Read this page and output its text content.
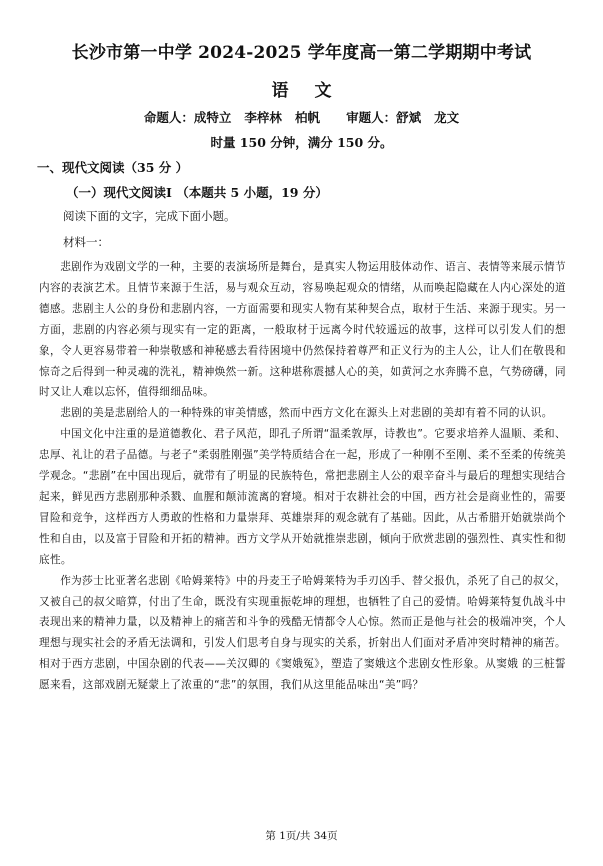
长沙市第一中学 2024-2025 学年度高一第二学期期中考试
语 文
命题人：成特立   李梓林   柏帆      审题人：舒斌   龙文
时量 150 分钟，满分 150 分。
一、现代文阅读（35 分 ）
（一）现代文阅读Ⅰ （本题共 5 小题，19 分）
阅读下面的文字，完成下面小题。
材料一：

悲剧作为戏剧文学的一种，主要的表演场所是舞台，是真实人物运用肢体动作、语言、表情等来展示情节内容的表演艺术。且情节来源于生活，易与观众互动，容易唤起观众的情绪，从而唤起隐藏在人内心深处的道德感。悲剧主人公的身份和悲剧内容，一方面需要和现实人物有某种契合点，取材于生活、来源于现实。另一方面，悲剧的内容必须与现实有一定的距离，一般取材于远离今时代较遥远的故事，这样可以引发人们的想象，令人更容易带着一种崇敬感和神秘感去看待困境中仍然保持着尊严和正义行为的主人公，让人们在敬畏和惊奇之后得到一种灵魂的洗礼，精神焕然一新。这种堪称震撼人心的美，如黄河之水奔腾不息，气势磅礴，同时又让人难以忘怀，值得细细品味。

悲剧的美是悲剧给人的一种特殊的审美情感，然而中西方文化在源头上对悲剧的美却有着不同的认识。

中国文化中注重的是道德教化、君子风范，即孔子所谓“温柔敦厚，诗教也”。它要求培养人温顺、柔和、忠厚、礼让的君子品德。与老子“柔弱胜刚强”美学特质结合在一起，形成了一种刚不至刚、柔不至柔的传统美学观念。“悲剧”在中国出现后，就带有了明显的民族特色，常把悲剧主人公的艰辛奋斗与最后的理想实现结合起来，鲜见西方悲剧那种杀戮、血腥和颠沛流离的窘境。相对于农耕社会的中国，西方社会是商业性的，需要冒险和竞争，这样西方人勇敢的性格和力量崇拜、英雄崇拜的观念就有了基础。因此，从古希腊开始就崇尚个性和自由，以及富于冒险和开拓的精神。西方文学从开始就推崇悲剧，倾向于欣赏悲剧的强烈性、真实性和彻底性。

作为莎士比亚著名悲剧《哈姆莱特》中的丹麦王子哈姆莱特为手刃凶手、替父报仇，杀死了自己的叔父，又被自己的叔父暗算，付出了生命，既没有实现重振乾坤的理想，也牺牲了自己的爱情。哈姆莱特复仇战斗中表现出来的精神力量，以及精神上的痛苦和斗争的残酷无情都令人心惊。然而正是他与社会的极端冲突，个人理想与现实社会的矛盾无法调和，引发人们思考自身与现实的关系，折射出人们面对矛盾冲突时精神的痛苦。相对于西方悲剧，中国杂剧的代表——关汉卿的《窦娥冤》，塑造了窦娥这个悲剧女性形象。从窦娥 的三桩誓愿来看，这部戏剧无疑蒙上了浓重的“悲”的氛围，我们从这里能品味出“美”吗？

第 1页/共 34页
